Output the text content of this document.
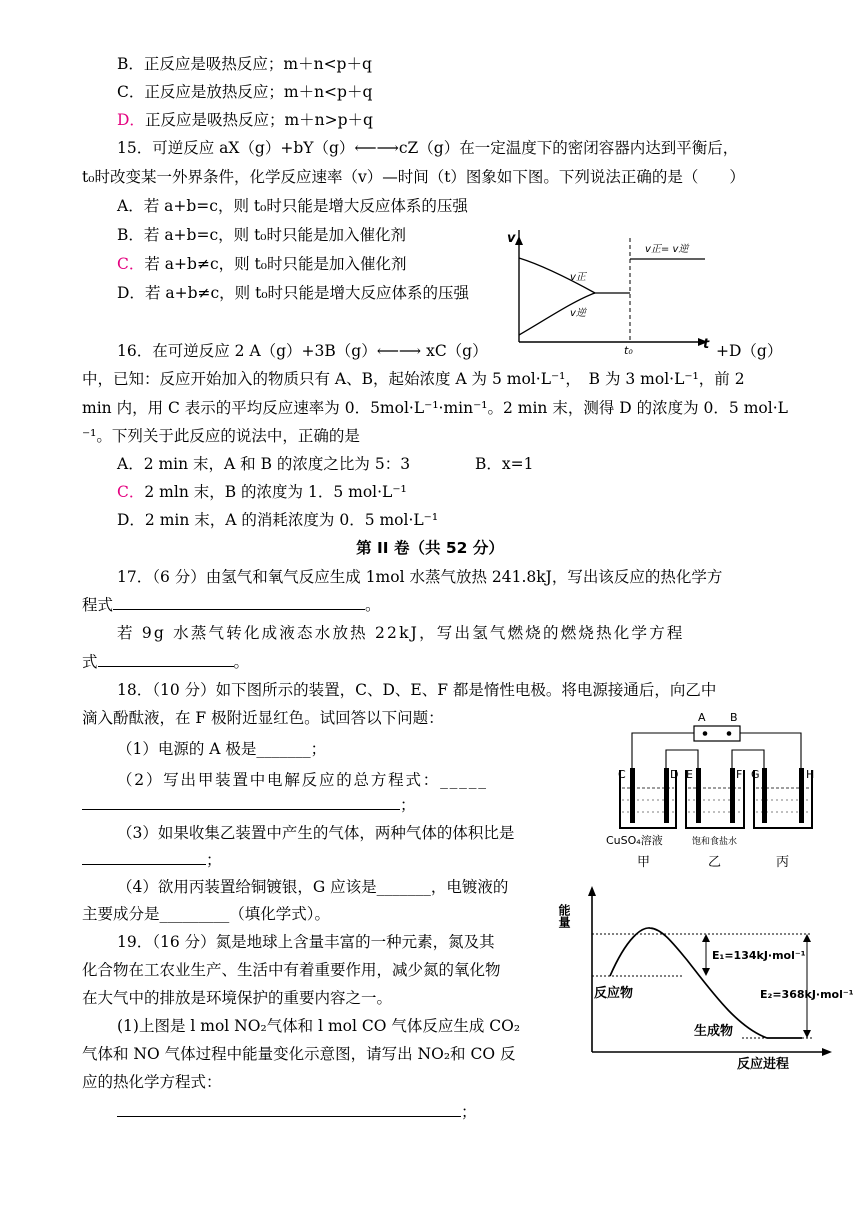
B．正反应是吸热反应；m＋n<p＋q
C．正反应是放热反应；m＋n<p＋q
D．正反应是吸热反应；m＋n>p＋q
15．可逆反应 aX（g）+bY（g）⟵⟶cZ（g）在一定温度下的密闭容器内达到平衡后，
t₀时改变某一外界条件，化学反应速率（v）—时间（t）图象如下图。下列说法正确的是（　　）
A．若 a+b=c，则 t₀时只能是增大反应体系的压强
B．若 a+b=c，则 t₀时只能是加入催化剂
C．若 a+b≠c，则 t₀时只能是加入催化剂
D．若 a+b≠c，则 t₀时只能是增大反应体系的压强
v
t
v正
v逆
v正= v逆
t₀
16．在可逆反应 2 A（g）+3B（g）⟵⟶ xC（g）	+D（g）
中，已知：反应开始加入的物质只有 A、B，起始浓度 A 为 5 mol·L⁻¹，　B 为 3 mol·L⁻¹，前 2
min 内，用 C 表示的平均反应速率为 0．5mol·L⁻¹·min⁻¹。2 min 末，测得 D 的浓度为 0．5 mol·L
⁻¹。下列关于此反应的说法中，正确的是
A．2 min 末，A 和 B 的浓度之比为 5：3	B．x=1
C．2 mln 末，B 的浓度为 1．5 mol·L⁻¹
D．2 min 末，A 的消耗浓度为 0．5 mol·L⁻¹
第 II 卷（共 52 分）
17．（6 分）由氢气和氧气反应生成 1mol 水蒸气放热 241.8kJ，写出该反应的热化学方
程式	。
若 9g 水蒸气转化成液态水放热 22kJ，写出氢气燃烧的燃烧热化学方程
式	。
18．（10 分）如下图所示的装置，C、D、E、F 都是惰性电极。将电源接通后，向乙中
滴入酚酞液，在 F 极附近显红色。试回答以下问题：
（1）电源的 A 极是_______；
（2）写出甲装置中电解反应的总方程式：_____
；
（3）如果收集乙装置中产生的气体，两种气体的体积比是
；
（4）欲用丙装置给铜镀银，G 应该是_______，电镀液的
主要成分是_________（填化学式）。
A B
C	D E	F G	H
CuSO₄溶液	饱和食盐水
甲	乙	丙
19．（16 分）氮是地球上含量丰富的一种元素，氮及其
化合物在工农业生产、生活中有着重要作用，减少氮的氧化物
在大气中的排放是环境保护的重要内容之一。
(1)上图是 l mol NO₂气体和 l mol CO 气体反应生成 CO₂
气体和 NO 气体过程中能量变化示意图，请写出 NO₂和 CO 反
应的热化学方程式：
；
能量
反应进程
E₁=134kJ·mol⁻¹
E₂=368kJ·mol⁻¹
反应物
生成物
